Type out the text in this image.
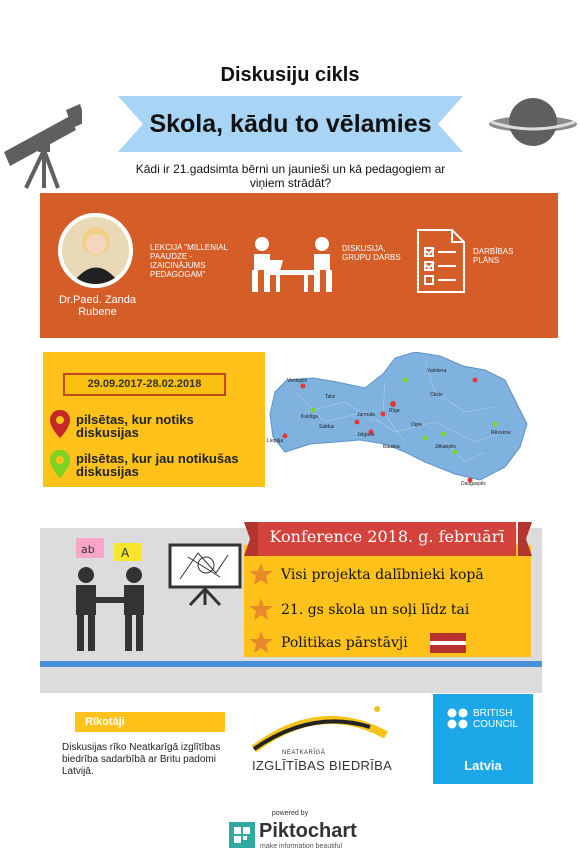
Diskusiju cikls
Skola, kādu to vēlamies
Kādi ir 21.gadsimta bērni un jaunieši un kā pedagogiem ar viņiem strādāt?
Dr.Paed. Zanda Rubene
LEKCIJA "MILLENIAL PAAUDZE - IZAICINĀJUMS PEDAGOGAM"
DISKUSIJA, GRUPU DARBS
DARBĪBAS PLĀNS
29.09.2017-28.02.2018
pilsētas, kur notiks diskusijas
pilsētas, kur jau notikušas diskusijas
Ventspils
Talsi
Liepāja
Kuldīga
Jelgava
Jūrmala
Rīga
Ogre
Daugavpils
Rēzekne
Valmiera
Cēsis
Saldus
Bauska	Jēkabpils
Konference 2018. g. februārī
ab A
Visi projekta dalībnieki kopā
21. gs skola un soļi līdz tai
Politikas pārstāvji
Rīkotāji
Diskusijas rīko Neatkarīgā izglītības biedrība sadarbībā ar Britu padomi Latvijā.
NEATKARĪGĀ
IZGLĪTĪBAS BIEDRĪBA
BRITISH
COUNCIL
Latvia
powered by
Piktochart
make information beautiful
